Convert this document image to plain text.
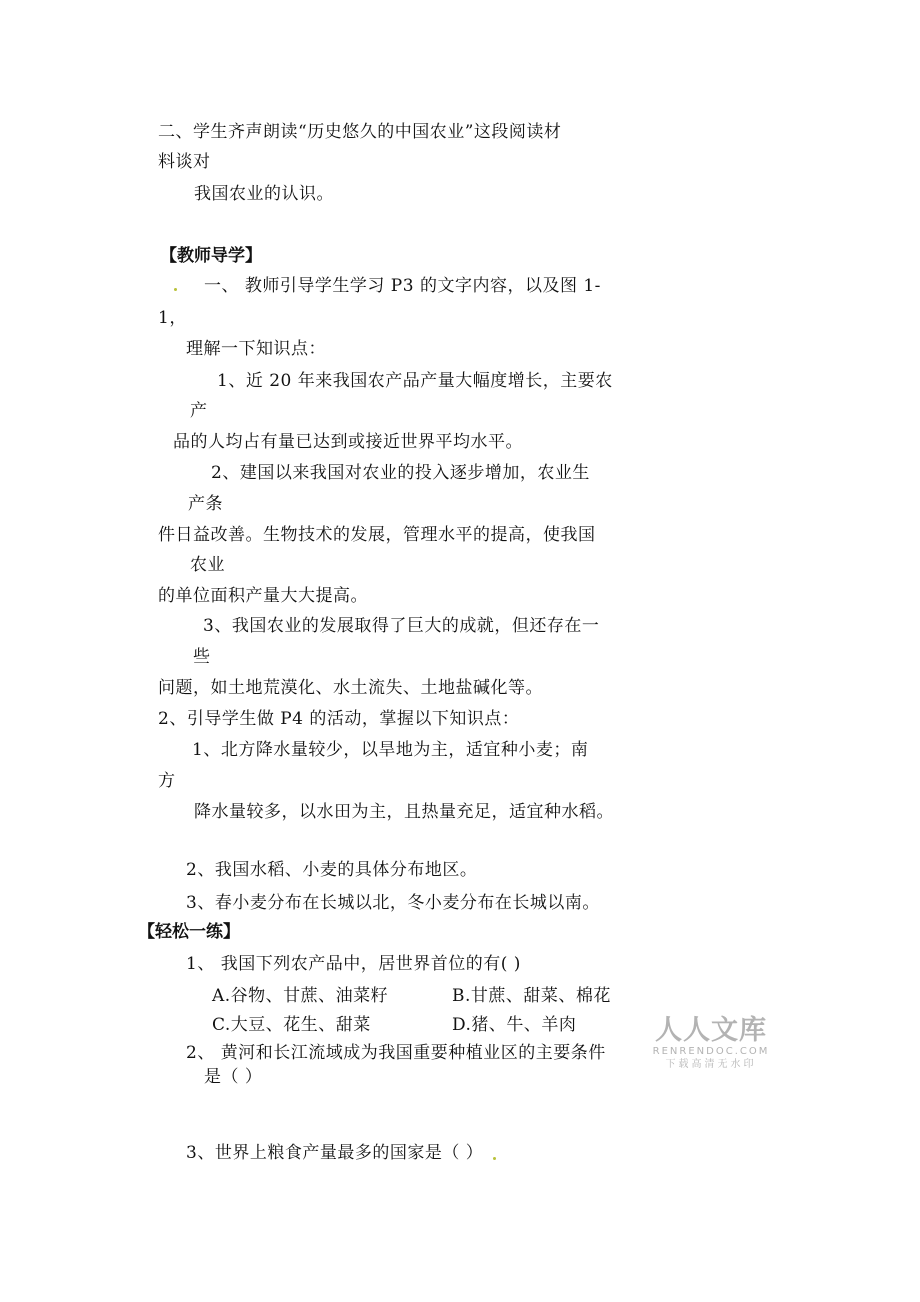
二、学生齐声朗读“历史悠久的中国农业”这段阅读材
料谈对
我国农业的认识。
【教师导学】
一、 教师引导学生学习 P3 的文字内容，以及图 1-
1，
理解一下知识点：
1、近 20 年来我国农产品产量大幅度增长，主要农
产
品的人均占有量已达到或接近世界平均水平。
2、建国以来我国对农业的投入逐步增加，农业生
产条
件日益改善。生物技术的发展，管理水平的提高，使我国
农业
的单位面积产量大大提高。
3、我国农业的发展取得了巨大的成就，但还存在一
些
问题，如土地荒漠化、水土流失、土地盐碱化等。
2、引导学生做 P4 的活动，掌握以下知识点：
1、北方降水量较少，以旱地为主，适宜种小麦；南
方
降水量较多，以水田为主，且热量充足，适宜种水稻。
2、我国水稻、小麦的具体分布地区。
3、春小麦分布在长城以北，冬小麦分布在长城以南。
【轻松一练】
1、 我国下列农产品中，居世界首位的有( )
A.谷物、甘蔗、油菜籽	B.甘蔗、甜菜、棉花
C.大豆、花生、甜菜	D.猪、牛、羊肉
2、 黄河和长江流域成为我国重要种植业区的主要条件
是（ ）
3、世界上粮食产量最多的国家是（ ）
人人文库
RENRENDOC.COM
下载高清无水印
